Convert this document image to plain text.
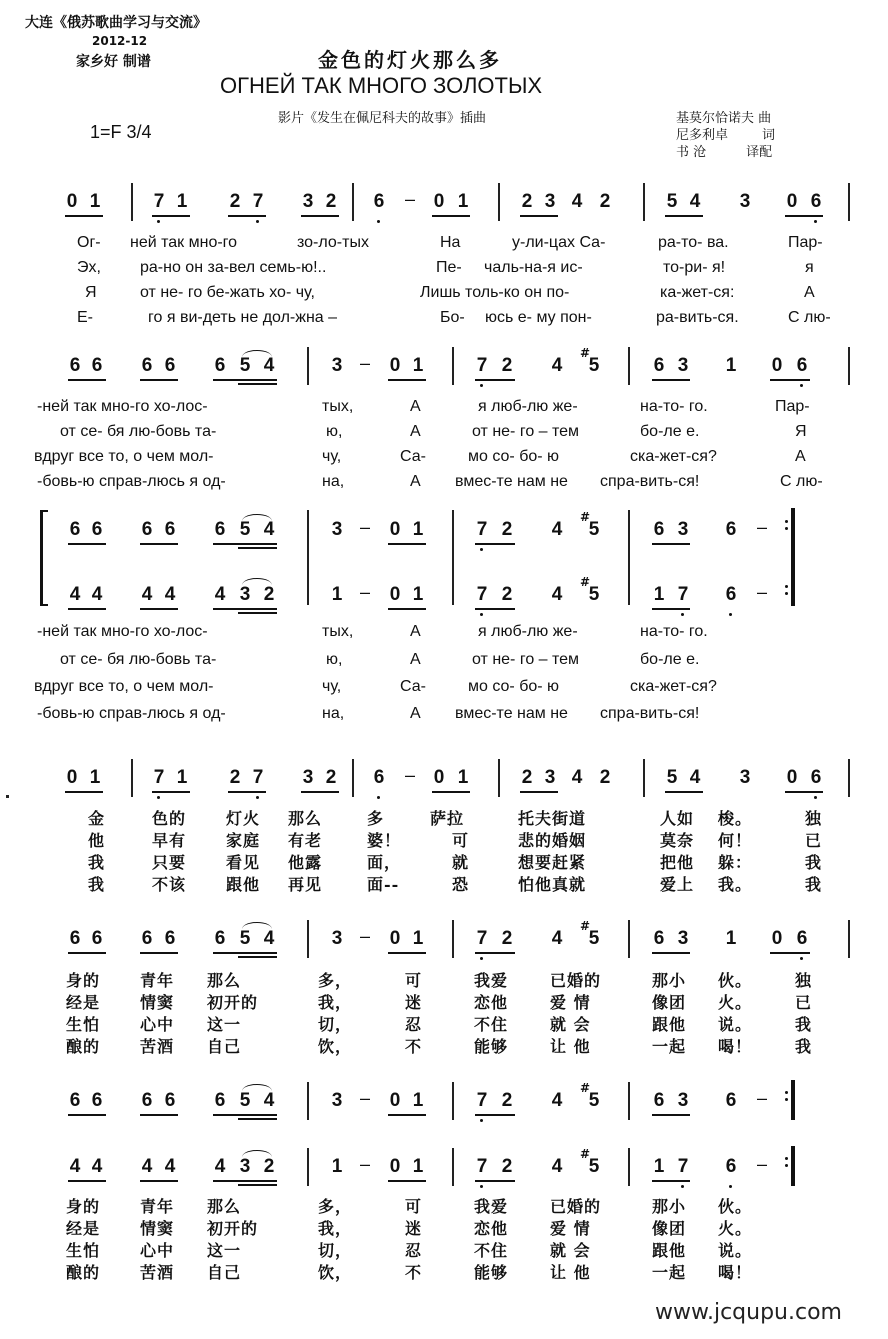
大连《俄苏歌曲学习与交流》
2012-12
家乡好 制谱	金色的灯火那么多
ОГНЕЙ ТАК МНОГО ЗОЛОТЫХ
影片《发生在佩尼科夫的故事》插曲
1=F 3/4
基莫尔恰诺夫 曲
尼多利卓	词
书 沧	译配
0 1	7 1 2 7 3 2 6 – 0 1	2 3 4 2	5 4 3 0 6
Ог- ней так мно-го	зо-ло-тых	На	у-ли-цах Са-	ра-то- ва.	Пар-
Эх, ра-но он за-вел семь-ю!..	Пе- чаль-на-я ис-	то-ри- я!	я
Я	от не- го бе-жать хо- чу,	Лишь толь-ко он по-	ка-жет-ся:	А
Е-	го я ви-деть не дол-жна –	Бо- юсь е- му пон-	ра-вить-ся.	С лю-
6 6 6 6 6 5 4	3 – 0 1	7 2 4
#
5	6 3 1 0 6
-ней так мно-го хо-лос-	тых,	А	я люб-лю же-	на-то- го.	Пар-
от се- бя лю-бовь та-	ю,	А	от не- го – тем	бо-ле е.	Я
вдруг все то, о чем мол-	чу,	Са-	мо со- бо- ю	ска-жет-ся?	А
-бовь-ю справ-люсь я од-	на,	А вмес-те нам не спра-вить-ся!	С лю-
6 6 6 6 6 5 4	3 – 0 1	7 2 4
#
5	6 3 6 –
4 4 4 4 4 3 2	1 – 0 1	7 2 4
#
5	1 7 6 –
-ней так мно-го хо-лос-	тых,	А	я люб-лю же-	на-то- го.
от се- бя лю-бовь та-	ю,	А	от не- го – тем	бо-ле е.
вдруг все то, о чем мол-	чу,	Са-	мо со- бо- ю	ска-жет-ся?
-бовь-ю справ-люсь я од-	на,	А вмес-те нам не спра-вить-ся!
0 1	7 1 2 7 3 2 6 – 0 1	2 3 4 2	5 4 3 0 6
金	色的 灯火 那么	多	萨拉	托夫街道	人如 梭。	独
他	早有 家庭 有老	婆！	可	悲的婚姻	莫奈 何！	已
我	只要 看见 他露	面，	就	想要赶紧	把他 躲：	我
我	不该 跟他 再见	面--	恐	怕他真就	爱上 我。	我
6 6 6 6 6 5 4	3 – 0 1	7 2 4
#
5	6 3 1 0 6
身的 青年 那么	多，	可	我爱	已婚的	那小 伙。	独
经是 情窦 初开的	我，	迷	恋他	爱 情	像团 火。	已
生怕 心中 这一	切，	忍	不住	就 会	跟他 说。	我
酿的 苦酒 自己	饮，	不	能够	让 他	一起 喝！	我
6 6 6 6 6 5 4	3 – 0 1	7 2 4
#
5	6 3 6 –
4 4 4 4 4 3 2	1 – 0 1	7 2 4
#
5	1 7 6 –
身的 青年 那么	多，	可	我爱	已婚的	那小 伙。
经是 情窦 初开的	我，	迷	恋他	爱 情	像团 火。
生怕 心中 这一	切，	忍	不住	就 会	跟他 说。
酿的 苦酒 自己	饮，	不	能够	让 他	一起 喝！
www.jcqupu.com
